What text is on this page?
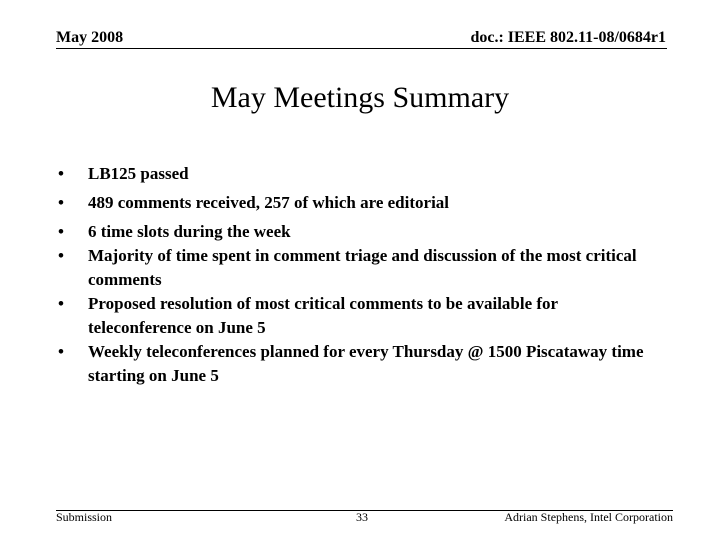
May 2008	doc.: IEEE 802.11-08/0684r1
May Meetings Summary
• LB125 passed
• 489 comments received, 257 of which are editorial
• 6 time slots during the week
• Majority of time spent in comment triage and discussion of the most critical comments
• Proposed resolution of most critical comments to be available for teleconference on June 5
• Weekly teleconferences planned for every Thursday @ 1500 Piscataway time starting on June 5
Submission	33	Adrian Stephens, Intel Corporation
